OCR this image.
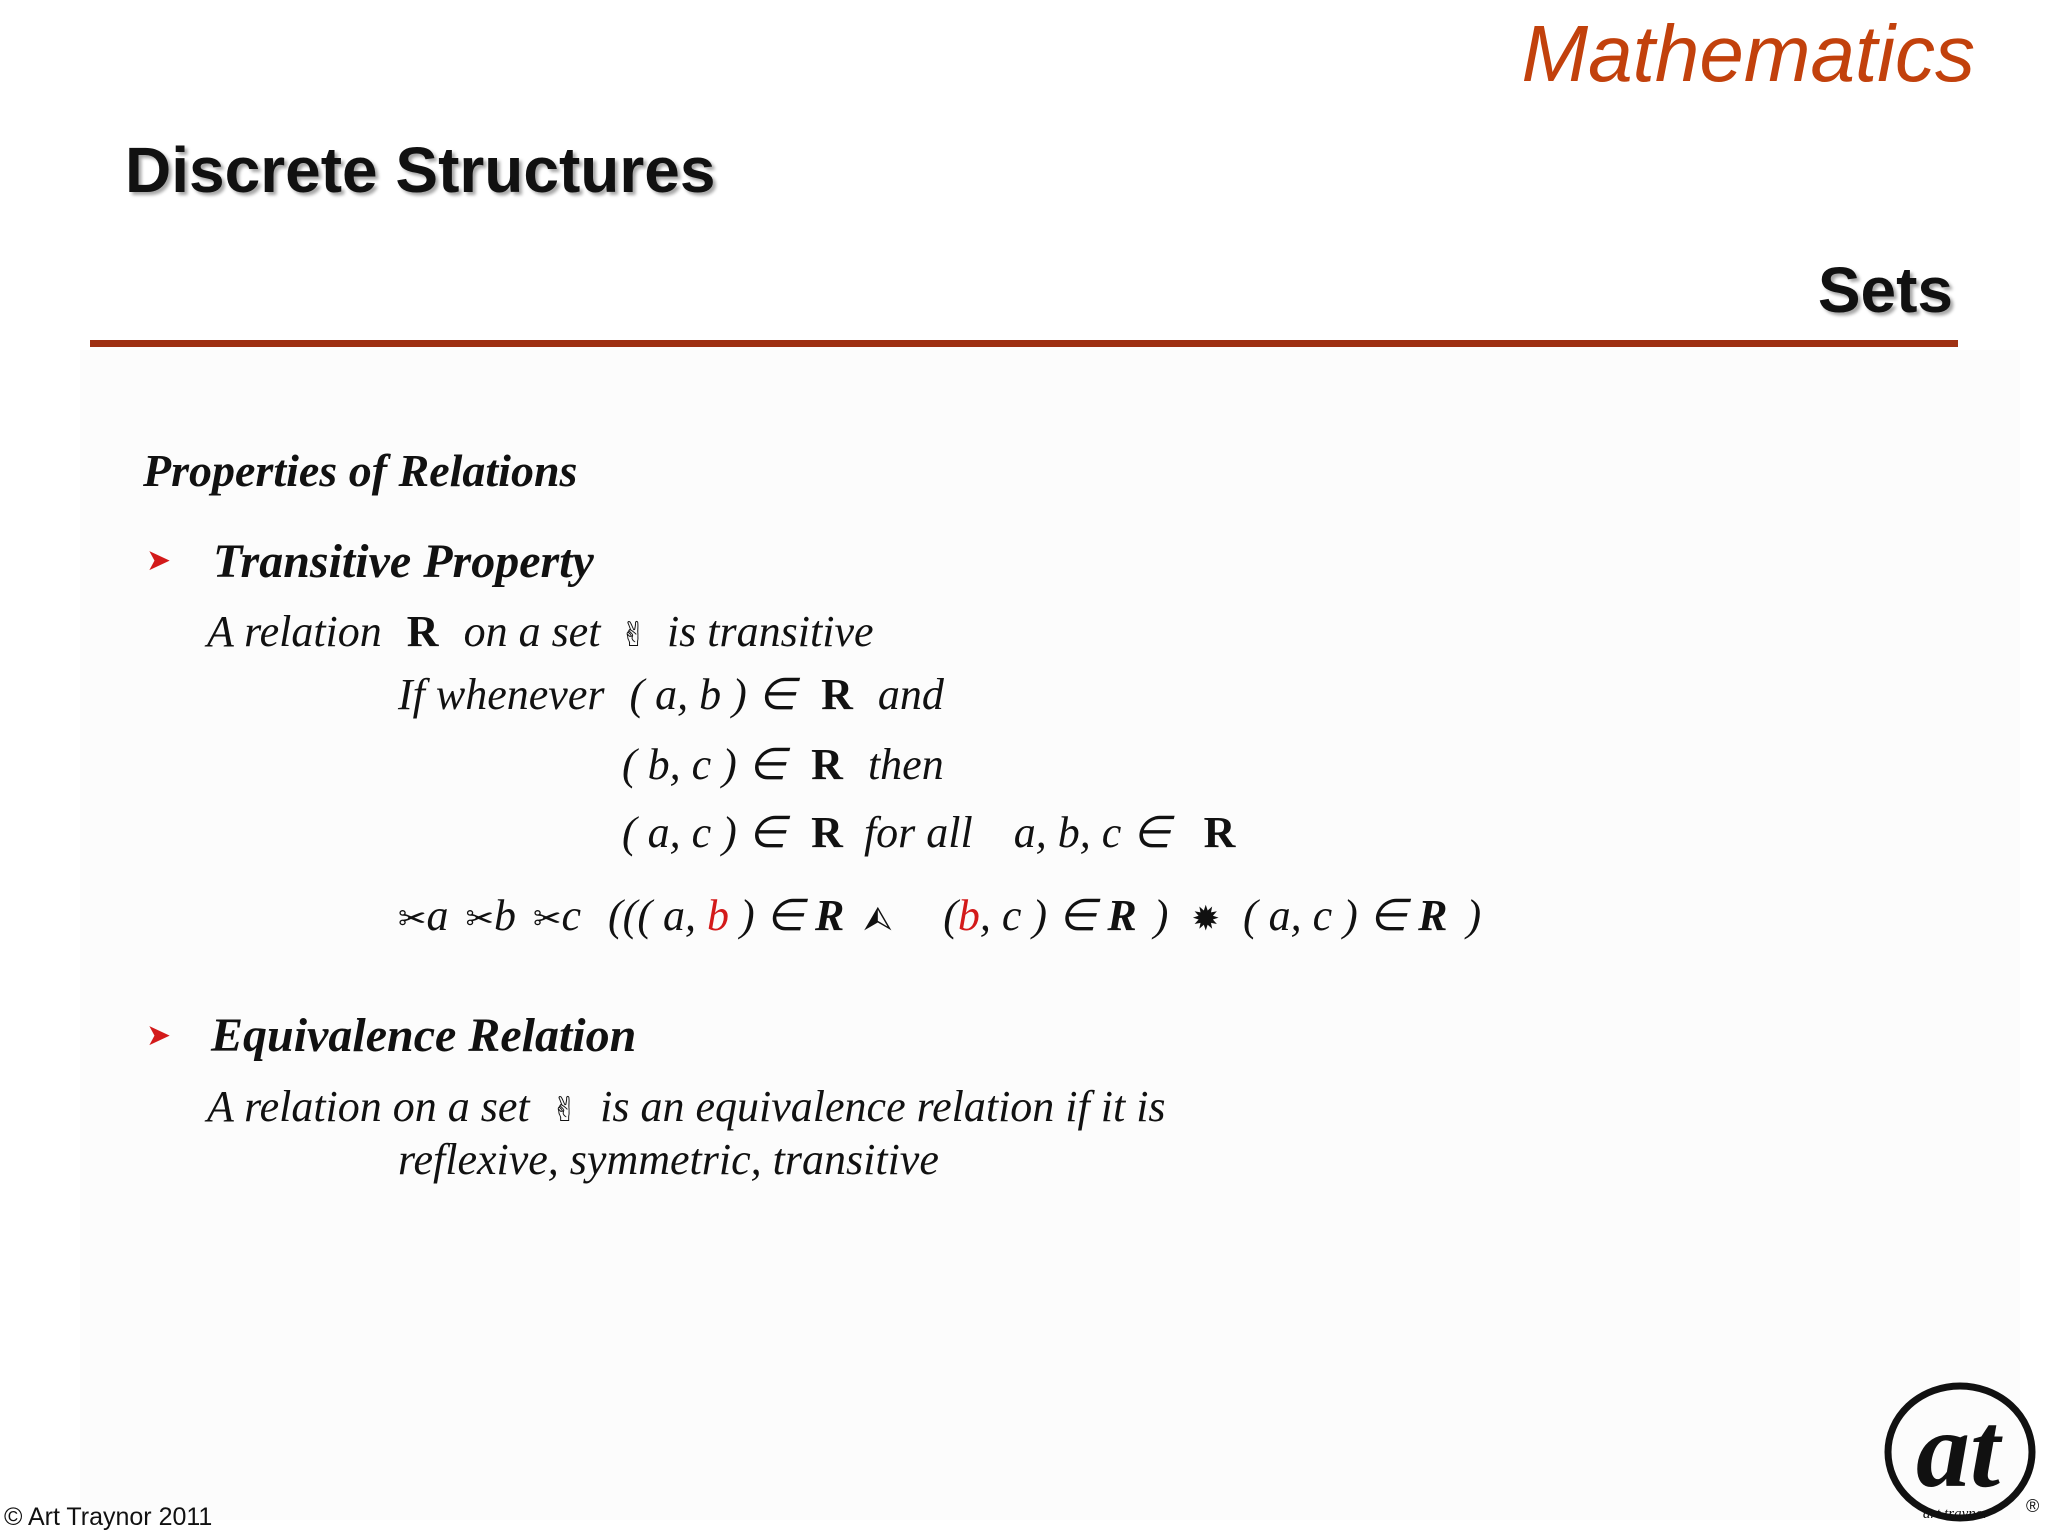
Mathematics
Discrete Structures
Sets
Properties of Relations
➤ Transitive Property
A relation R on a set ✌ is transitive
If whenever ( a, b ) ∈ R and
( b, c ) ∈ R then
( a, c ) ∈ R for all a, b, c ∈ R
✂a ✂b ✂c ((( a, b ) ∈ R ⮙ (b, c ) ∈ R ) ✹ ( a, c ) ∈ R )
➤ Equivalence Relation
A relation on a set ✌ is an equivalence relation if it is
reflexive, symmetric, transitive
© Art Traynor 2011
at
art traynor ®
